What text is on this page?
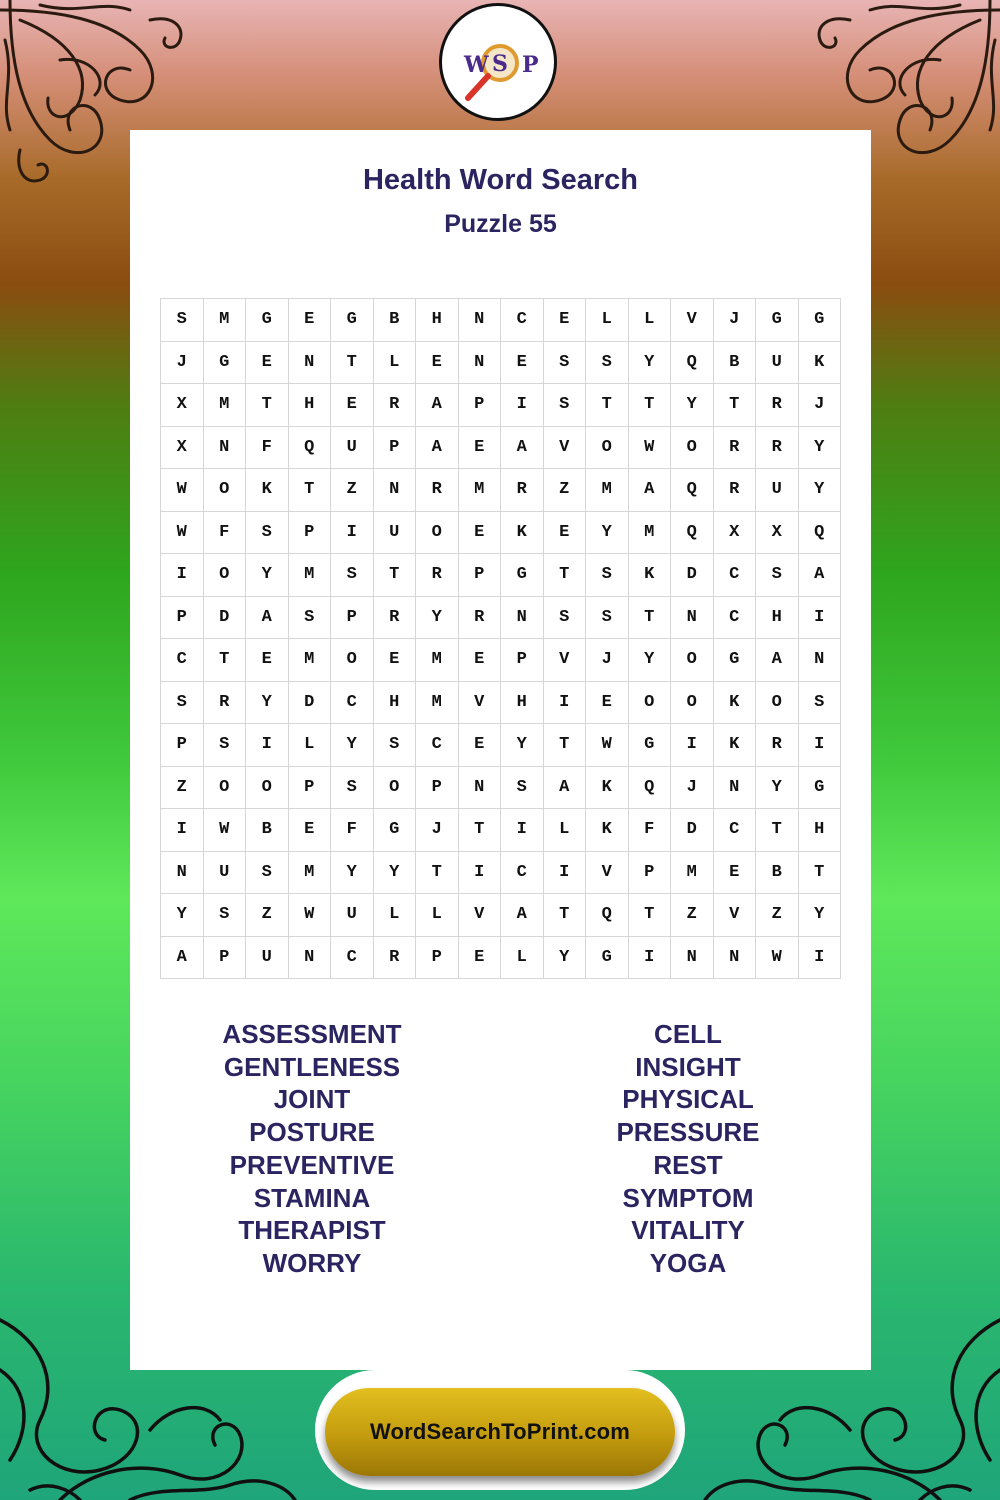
W S P
Health Word Search
Puzzle 55
S	M	G	E	G	B	H	N	C	E	L	L	V	J	G	G
J	G	E	N	T	L	E	N	E	S	S	Y	Q	B	U	K
X	M	T	H	E	R	A	P	I	S	T	T	Y	T	R	J
X	N	F	Q	U	P	A	E	A	V	O	W	O	R	R	Y
W	O	K	T	Z	N	R	M	R	Z	M	A	Q	R	U	Y
W	F	S	P	I	U	O	E	K	E	Y	M	Q	X	X	Q
I	O	Y	M	S	T	R	P	G	T	S	K	D	C	S	A
P	D	A	S	P	R	Y	R	N	S	S	T	N	C	H	I
C	T	E	M	O	E	M	E	P	V	J	Y	O	G	A	N
S	R	Y	D	C	H	M	V	H	I	E	O	O	K	O	S
P	S	I	L	Y	S	C	E	Y	T	W	G	I	K	R	I
Z	O	O	P	S	O	P	N	S	A	K	Q	J	N	Y	G
I	W	B	E	F	G	J	T	I	L	K	F	D	C	T	H
N	U	S	M	Y	Y	T	I	C	I	V	P	M	E	B	T
Y	S	Z	W	U	L	L	V	A	T	Q	T	Z	V	Z	Y
A	P	U	N	C	R	P	E	L	Y	G	I	N	N	W	I
ASSESSMENT
GENTLENESS
JOINT
POSTURE
PREVENTIVE
STAMINA
THERAPIST
WORRY
CELL
INSIGHT
PHYSICAL
PRESSURE
REST
SYMPTOM
VITALITY
YOGA
WordSearchToPrint.com
